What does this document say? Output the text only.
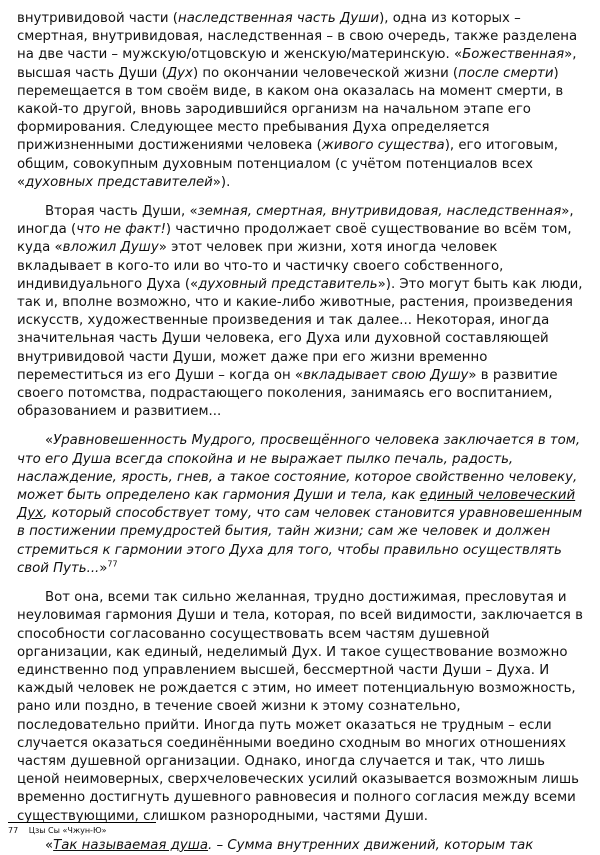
внутривидовой части (наследственная часть Души), одна из которых – смертная, внутривидовая, наследственная – в свою очередь, также разделена на две части – мужскую/отцовскую и женскую/материнскую. «Божественная», высшая часть Души (Дух) по окончании человеческой жизни (после смерти) перемещается в том своём виде, в каком она оказалась на момент смерти, в какой-то другой, вновь зародившийся организм на начальном этапе его формирования. Следующее место пребывания Духа определяется прижизненными достижениями человека (живого существа), его итоговым, общим, совокупным духовным потенциалом (с учётом потенциалов всех «духовных представителей»).

Вторая часть Души, «земная, смертная, внутривидовая, наследственная», иногда (что не факт!) частично продолжает своё существование во всём том, куда «вложил Душу» этот человек при жизни, хотя иногда человек вкладывает в кого-то или во что-то и частичку своего собственного, индивидуального Духа («духовный представитель»). Это могут быть как люди, так и, вполне возможно, что и какие-либо животные, растения, произведения искусств, художественные произведения и так далее... Некоторая, иногда значительная часть Души человека, его Духа или духовной составляющей внутривидовой части Души, может даже при его жизни временно переместиться из его Души – когда он «вкладывает свою Душу» в развитие своего потомства, подрастающего поколения, занимаясь его воспитанием, образованием и развитием...

«Уравновешенность Мудрого, просвещённого человека заключается в том, что его Душа всегда спокойна и не выражает пылко печаль, радость, наслаждение, ярость, гнев, а такое состояние, которое свойственно человеку, может быть определено как гармония Души и тела, как единый человеческий Дух, который способствует тому, что сам человек становится уравновешенным в постижении премудростей бытия, тайн жизни; сам же человек и должен стремиться к гармонии этого Духа для того, чтобы правильно осуществлять свой Путь...»$^{77}$

Вот она, всеми так сильно желанная, трудно достижимая, пресловутая и неуловимая гармония Души и тела, которая, по всей видимости, заключается в способности согласованно сосуществовать всем частям душевной организации, как единый, неделимый Дух. И такое существование возможно единственно под управлением высшей, бессмертной части Души – Духа. И каждый человек не рождается с этим, но имеет потенциальную возможность, рано или поздно, в течение своей жизни к этому сознательно, последовательно прийти. Иногда путь может оказаться не трудным – если случается оказаться соединёнными воедино сходным во многих отношениях частям душевной организации. Однако, иногда случается и так, что лишь ценой неимоверных, сверхчеловеческих усилий оказывается возможным лишь временно достигнуть душевного равновесия и полного согласия между всеми существующими, слишком разнородными, частями Души.

«Так называемая душа. – Сумма внутренних движений, которым так

77 Цзы Сы «Чжун-Ю»
